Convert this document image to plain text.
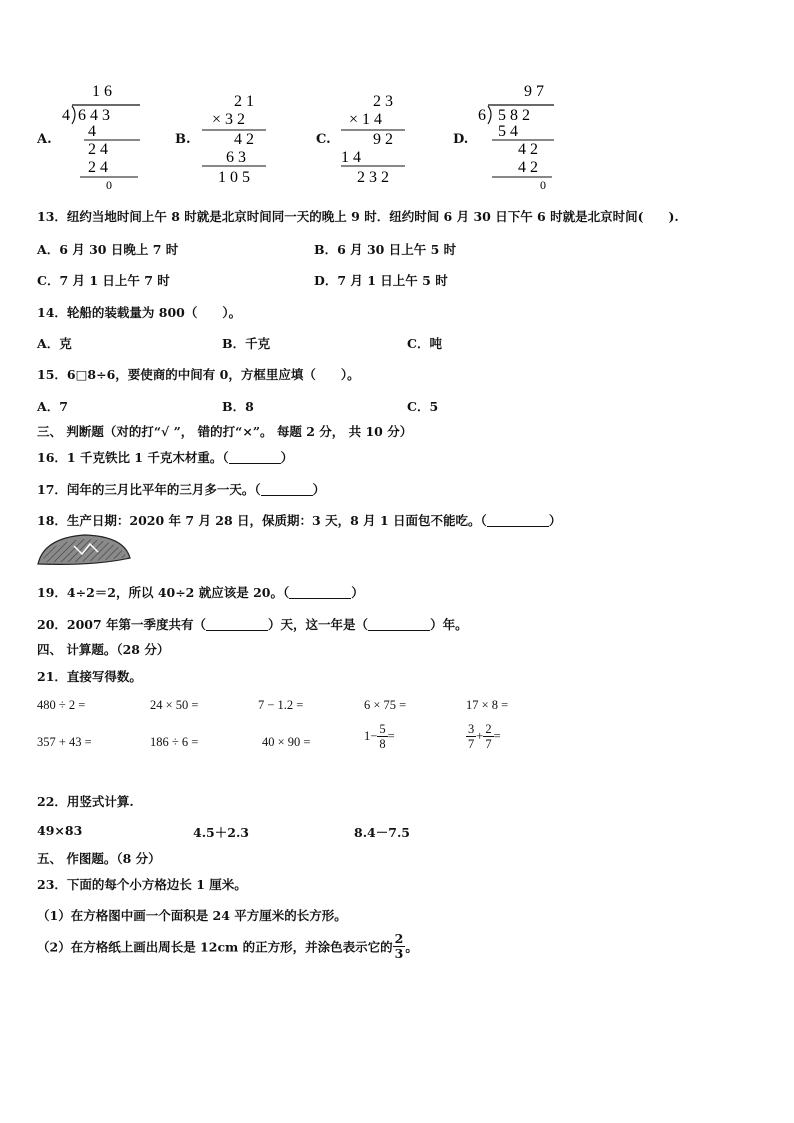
A.
1 6
4 6 4 3
4
2 4
2 4
0
B.
2 1
× 3 2
4 2
6 3
1 0 5
C.
2 3
× 1 4
9 2
1 4
2 3 2
D.
9 7
6 5 8 2
5 4
4 2
4 2
0
13．纽约当地时间上午 8 时就是北京时间同一天的晚上 9 时．纽约时间 6 月 30 日下午 6 时就是北京时间(　　).
A．6 月 30 日晚上 7 时	B．6 月 30 日上午 5 时
C．7 月 1 日上午 7 时	D．7 月 1 日上午 5 时
14．轮船的装载量为 800（　　）。
A．克	B．千克	C．吨
15．6□8÷6，要使商的中间有 0，方框里应填（　　）。
A．7	B．8	C．5
三、 判断题（对的打“√ ”， 错的打“×”。 每题 2 分， 共 10 分）
16．1 千克铁比 1 千克木材重。（	）
17．闰年的三月比平年的三月多一天。（	）
18．生产日期：2020 年 7 月 28 日，保质期：3 天，8 月 1 日面包不能吃。（	）
19．4÷2＝2，所以 40÷2 就应该是 20。（	）
20．2007 年第一季度共有（	）天，这一年是（	）年。
四、 计算题。（28 分）
21．直接写得数。
480 ÷ 2 =	24 × 50 =	7 − 1.2 =	6 × 75 =	17 × 8 =
357 + 43 =	186 ÷ 6 =	40 × 90 =	$1- \frac{5}{8}$ =	$\frac{3}{7} + \frac{2}{7}$ =
22．用竖式计算.
49×83	4.5＋2.3	8.4－7.5
五、 作图题。（8 分）
23．下面的每个小方格边长 1 厘米。
（1）在方格图中画一个面积是 24 平方厘米的长方形。
（2）在方格纸上画出周长是 12cm 的正方形，并涂色表示它的 $\frac{2}{3}$ 。
